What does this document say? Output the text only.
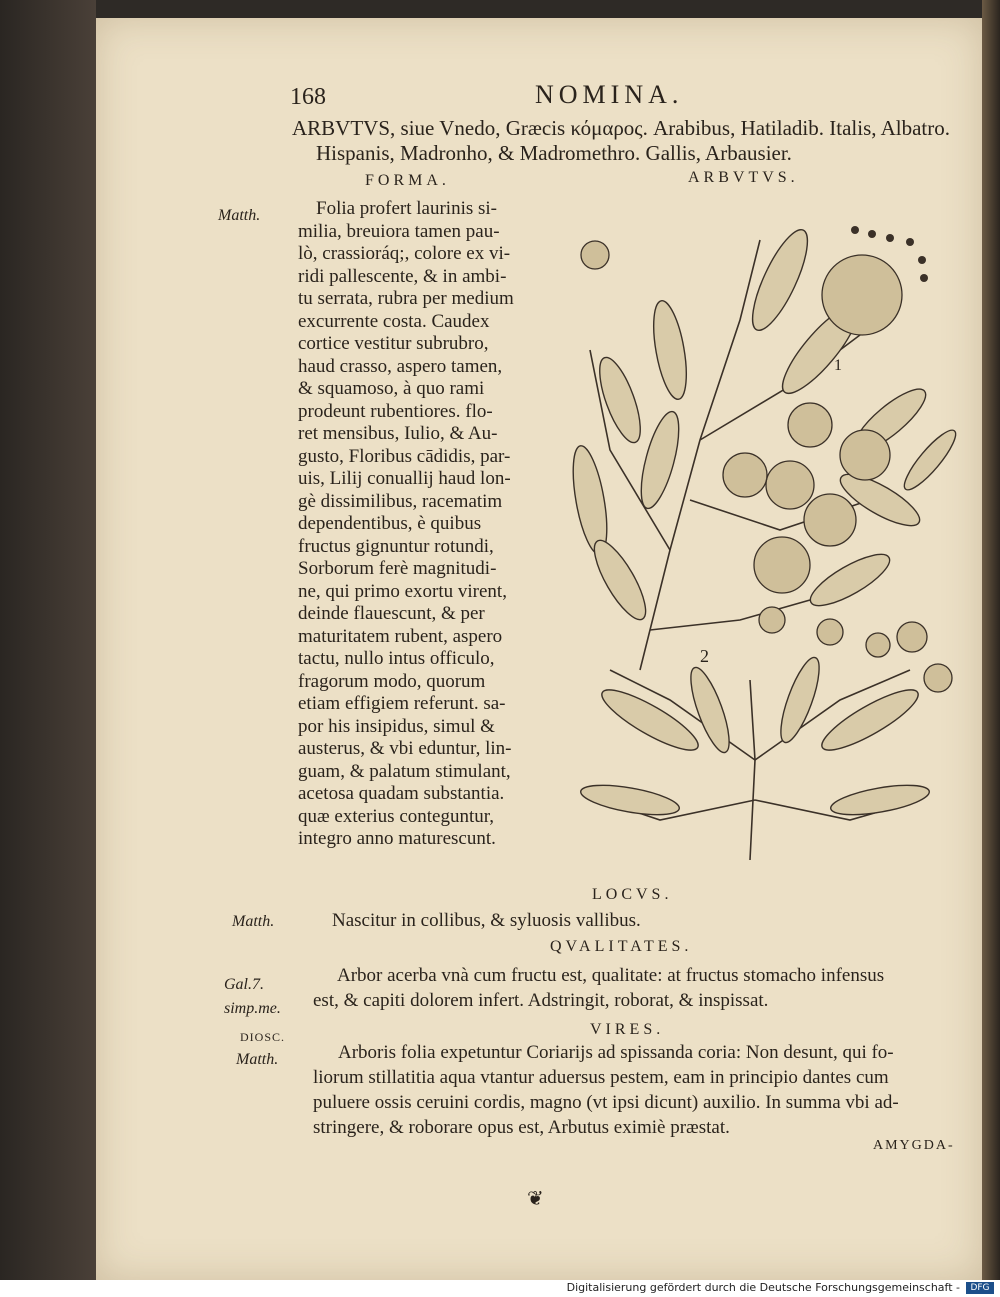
168	NOMINA.
ARBVTVS, siue Vnedo, Græcis κόμαρος. Arabibus, Hatiladib. Italis, Albatro.
Hispanis, Madronho, & Madromethro. Gallis, Arbausier.
FORMA.	ARBVTVS.
Matth.	Folia profert laurinis si-
milia, breuiora tamen pau-
lò, crassioráq;, colore ex vi-
ridi pallescente, & in ambi-
tu serrata, rubra per medium
excurrente costa. Caudex
cortice vestitur subrubro,
haud crasso, aspero tamen,
& squamoso, à quo rami
prodeunt rubentiores. flo-
ret mensibus, Iulio, & Au-
gusto, Floribus cādidis, par-
uis, Lilij conuallij haud lon-
gè dissimilibus, racematim
dependentibus, è quibus
fructus gignuntur rotundi,
Sorborum ferè magnitudi-
ne, qui primo exortu virent,
deinde flauescunt, & per
maturitatem rubent, aspero
tactu, nullo intus officulo,
fragorum modo, quorum
etiam effigiem referunt. sa-
por his insipidus, simul &
austerus, & vbi eduntur, lin-
guam, & palatum stimulant,
acetosa quadam substantia.
quæ exterius conteguntur,
integro anno maturescunt.
1
2
LOCVS.
Matth.	Nascitur in collibus, & syluosis vallibus.
QVALITATES.
Gal.7.
simp.me.
Arbor acerba vnà cum fructu est, qualitate: at fructus stomacho infensus
est, & capiti dolorem infert. Adstringit, roborat, & inspissat.
DIOSC.	VIRES.
Matth.	Arboris folia expetuntur Coriarijs ad spissanda coria: Non desunt, qui fo-
liorum stillatitia aqua vtantur aduersus pestem, eam in principio dantes cum
puluere ossis ceruini cordis, magno (vt ipsi dicunt) auxilio. In summa vbi ad-
stringere, & roborare opus est, Arbutus eximiè præstat.
AMYGDA-
❦
Digitalisierung gefördert durch die Deutsche Forschungsgemeinschaft -	DFG
